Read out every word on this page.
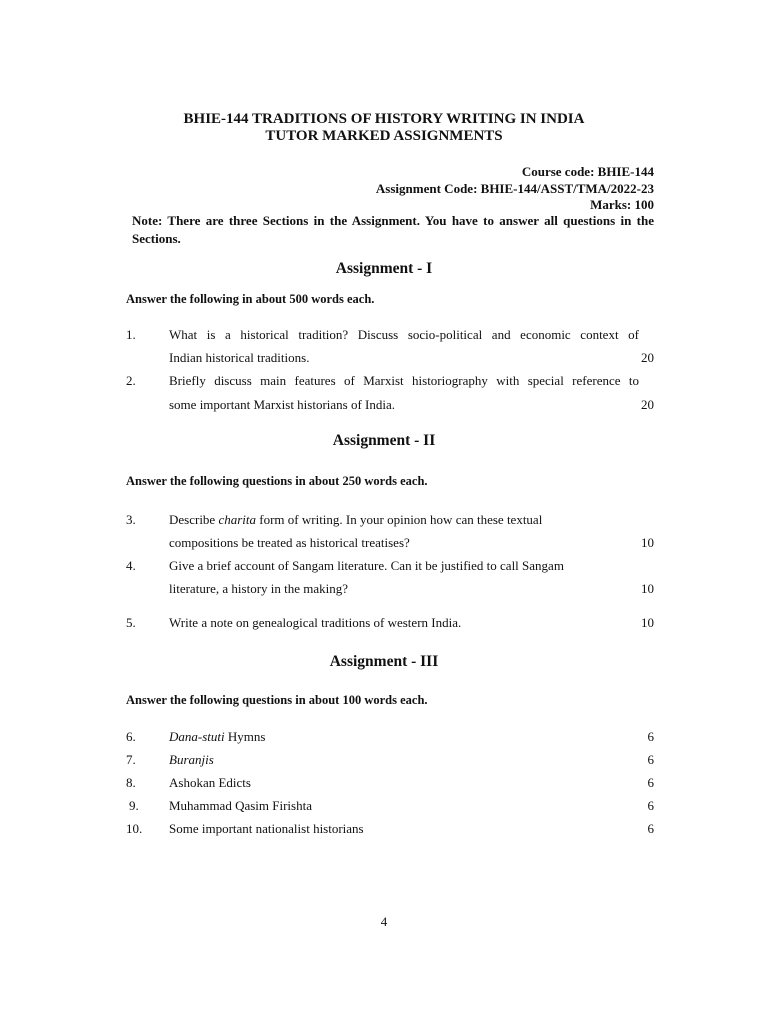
BHIE-144 TRADITIONS OF HISTORY WRITING IN INDIA
TUTOR MARKED ASSIGNMENTS
Course code: BHIE-144
Assignment Code: BHIE-144/ASST/TMA/2022-23
Marks: 100
Note: There are three Sections in the Assignment. You have to answer all questions in the Sections.
Assignment - I
Answer the following in about 500 words each.
1.	What is a historical tradition? Discuss socio-political and economic context of
Indian historical traditions.	20
2.	Briefly discuss main features of Marxist historiography with special reference to
some important Marxist historians of India.	20
Assignment - II
Answer the following questions in about 250 words each.
3.	Describe charita form of writing. In your opinion how can these textual
compositions be treated as historical treatises?	10
4.	Give a brief account of Sangam literature. Can it be justified to call Sangam
literature, a history in the making?	10
5.	Write a note on genealogical traditions of western India.	10
Assignment - III
Answer the following questions in about 100 words each.
6.	Dana-stuti Hymns	6
7.	Buranjis	6
8.	Ashokan Edicts	6
9. Muhammad Qasim Firishta	6
10. Some important nationalist historians	6
4
